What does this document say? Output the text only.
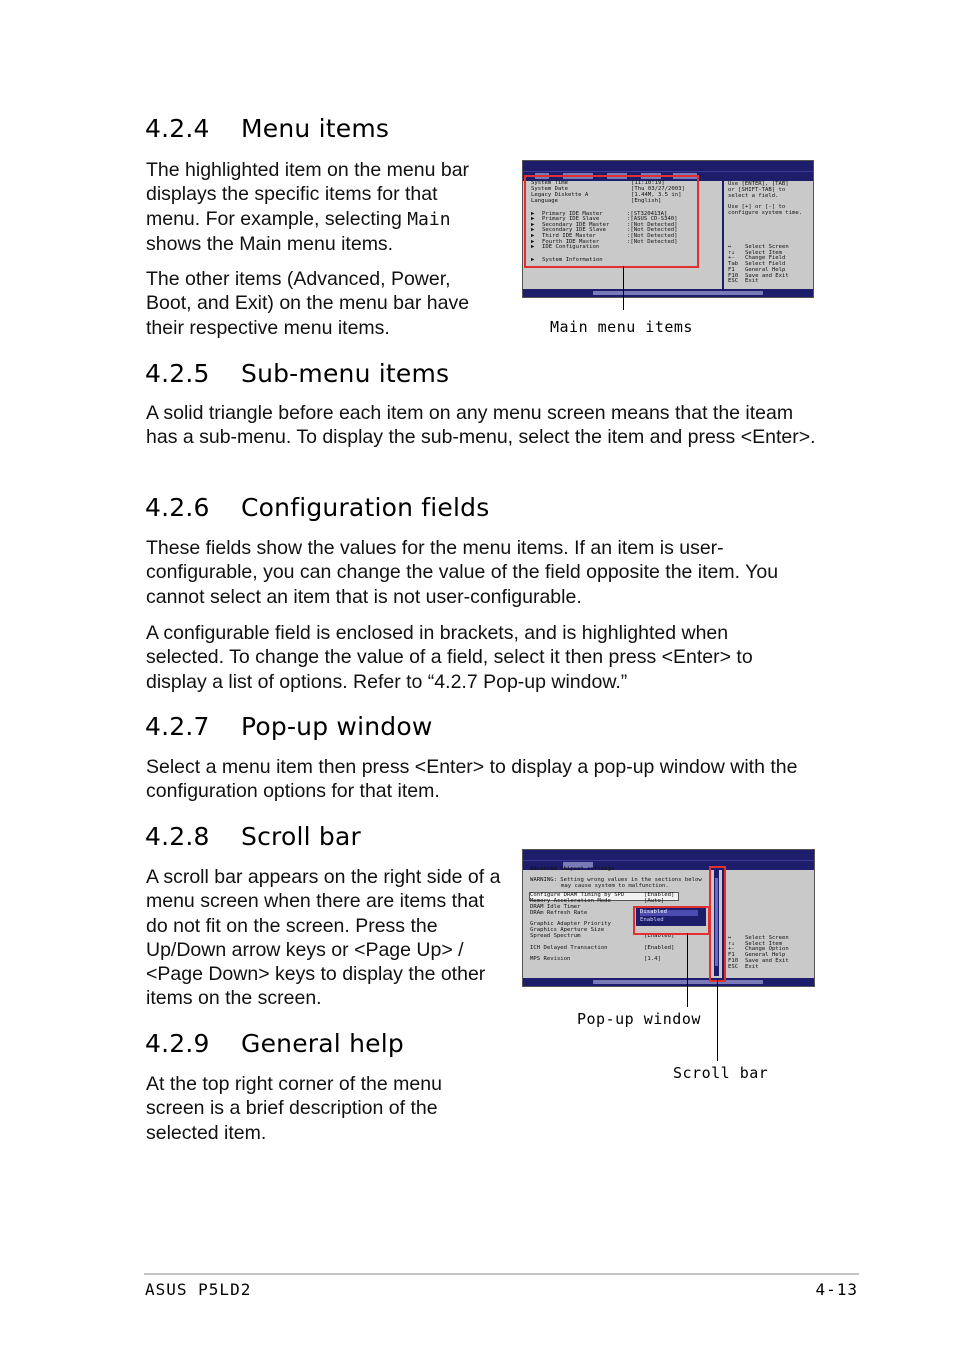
4.2.4 Menu items

The highlighted item on the menu bar displays the specific items for that menu. For example, selecting Main shows the Main menu items.

The other items (Advanced, Power, Boot, and Exit) on the menu bar have their respective menu items.

System Time	[11:10:19]
System Date	[Thu 03/27/2003]
Legacy Diskette A	[1.44M, 3.5 in]
Language	[English]
▶ Primary IDE Master	:[ST320413A]
▶ Primary IDE Slave	:[ASUS CD-S340]
▶ Secondary IDE Master	:[Not Detected]
▶ Secondary IDE Slave	:[Not Detected]
▶ Third IDE Master	:[Not Detected]
▶ Fourth IDE Master	:[Not Detected]
▶ IDE Configuration
▶ System Information
Use [ENTER], [TAB]
or [SHIFT-TAB] to
select a field.
Use [+] or [-] to
configure system time.
↔ Select Screen
↑↓ Select Item
+- Change Field
Tab Select Field
F1 General Help
F10 Save and Exit
ESC Exit
Main menu items
4.2.5 Sub-menu items

A solid triangle before each item on any menu screen means that the iteam has a sub-menu. To display the sub-menu, select the item and press <Enter>.

4.2.6 Configuration fields

These fields show the values for the menu items. If an item is user-configurable, you can change the value of the field opposite the item. You cannot select an item that is not user-configurable.

A configurable field is enclosed in brackets, and is highlighted when selected. To change the value of a field, select it then press <Enter> to display a list of options. Refer to “4.2.7 Pop-up window.”

4.2.7 Pop-up window

Select a menu item then press <Enter> to display a pop-up window with the configuration options for that item.

4.2.8 Scroll bar

A scroll bar appears on the right side of a menu screen when there are items that do not fit on the screen. Press the Up/Down arrow keys or <Page Up> / <Page Down> keys to display the other items on the screen.

Advanced Chipset settings
WARNING: Setting wrong values in the sections below
may cause system to malfunction.
Configure DRAM Timing by SPD	[Enabled]
Memory Acceleration Mode	[Auto]
DRAM Idle Timer
DRAm Refresh Rate
Graphic Adapter Priority
Graphics Aperture Size
Spread Spectrum	[Enabled]
ICH Delayed Transaction	[Enabled]
MPS Revision	[1.4]
Disabled
Enabled
↔ Select Screen
↑↓ Select Item
+- Change Option
F1 General Help
F10 Save and Exit
ESC Exit
Pop-up window
Scroll bar
4.2.9 General help

At the top right corner of the menu screen is a brief description of the selected item.

ASUS P5LD2	4-13
